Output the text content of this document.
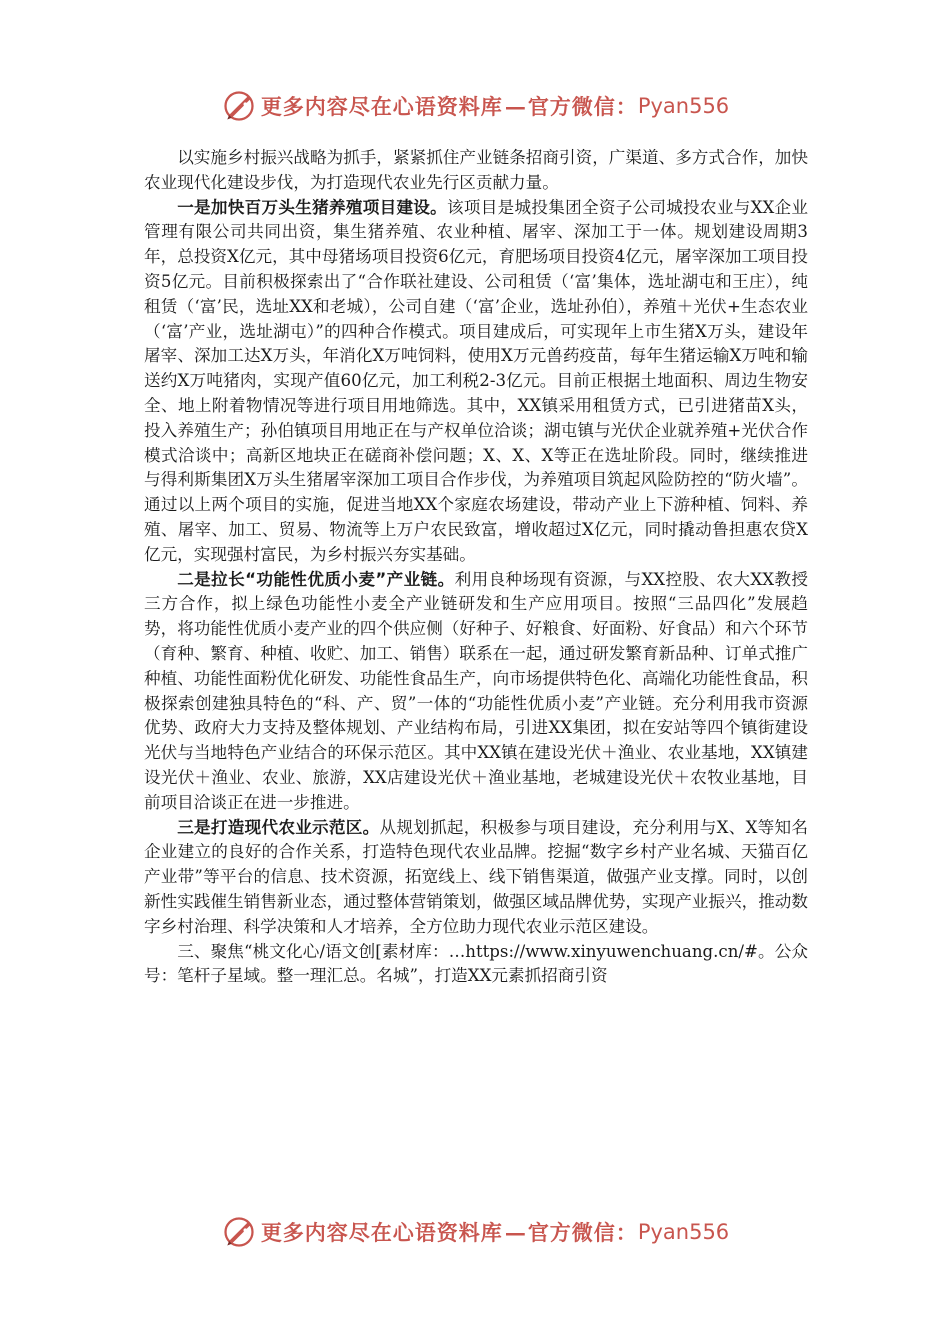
更多内容尽在心语资料库 — 官方微信： Pyan556

以实施乡村振兴战略为抓手，紧紧抓住产业链条招商引资，广渠道、多方式合作，加快农业现代化建设步伐，为打造现代农业先行区贡献力量。

一是加快百万头生猪养殖项目建设。该项目是城投集团全资子公司城投农业与XX企业管理有限公司共同出资，集生猪养殖、农业种植、屠宰、深加工于一体。规划建设周期3年，总投资X亿元，其中母猪场项目投资6亿元，育肥场项目投资4亿元，屠宰深加工项目投资5亿元。目前积极探索出了“合作联社建设、公司租赁（‘富’集体，选址湖屯和王庄），纯租赁（‘富’民，选址XX和老城），公司自建（‘富’企业，选址孙伯），养殖＋光伏+生态农业（‘富’产业，选址湖屯）”的四种合作模式。项目建成后，可实现年上市生猪X万头，建设年屠宰、深加工达X万头，年消化X万吨饲料，使用X万元兽药疫苗，每年生猪运输X万吨和输送约X万吨猪肉，实现产值60亿元，加工利税2-3亿元。目前正根据土地面积、周边生物安全、地上附着物情况等进行项目用地筛选。其中，XX镇采用租赁方式，已引进猪苗X头，投入养殖生产；孙伯镇项目用地正在与产权单位洽谈；湖屯镇与光伏企业就养殖+光伏合作模式洽谈中；高新区地块正在磋商补偿问题；X、X、X等正在选址阶段。同时，继续推进与得利斯集团X万头生猪屠宰深加工项目合作步伐，为养殖项目筑起风险防控的“防火墙”。通过以上两个项目的实施，促进当地XX个家庭农场建设，带动产业上下游种植、饲料、养殖、屠宰、加工、贸易、物流等上万户农民致富，增收超过X亿元，同时撬动鲁担惠农贷X亿元，实现强村富民，为乡村振兴夯实基础。

二是拉长“功能性优质小麦”产业链。利用良种场现有资源，与XX控股、农大XX教授三方合作，拟上绿色功能性小麦全产业链研发和生产应用项目。按照“三品四化”发展趋势，将功能性优质小麦产业的四个供应侧（好种子、好粮食、好面粉、好食品）和六个环节（育种、繁育、种植、收贮、加工、销售）联系在一起，通过研发繁育新品种、订单式推广种植、功能性面粉优化研发、功能性食品生产，向市场提供特色化、高端化功能性食品，积极探索创建独具特色的“科、产、贸”一体的“功能性优质小麦”产业链。充分利用我市资源优势、政府大力支持及整体规划、产业结构布局，引进XX集团，拟在安站等四个镇街建设光伏与当地特色产业结合的环保示范区。其中XX镇在建设光伏＋渔业、农业基地，XX镇建设光伏＋渔业、农业、旅游，XX店建设光伏＋渔业基地，老城建设光伏＋农牧业基地，目前项目洽谈正在进一步推进。

三是打造现代农业示范区。从规划抓起，积极参与项目建设，充分利用与X、X等知名企业建立的良好的合作关系，打造特色现代农业品牌。挖掘“数字乡村产业名城、天猫百亿产业带”等平台的信息、技术资源，拓宽线上、线下销售渠道，做强产业支撑。同时，以创新性实践催生销售新业态，通过整体营销策划，做强区域品牌优势，实现产业振兴，推动数字乡村治理、科学决策和人才培养，全方位助力现代农业示范区建设。

三、聚焦“桃文化心/语文创[素材库：…https://www.xinyuwenchuang.cn/#。公众号：笔杆子星域。整一理汇总。名城”，打造XX元素抓招商引资

更多内容尽在心语资料库 — 官方微信： Pyan556
